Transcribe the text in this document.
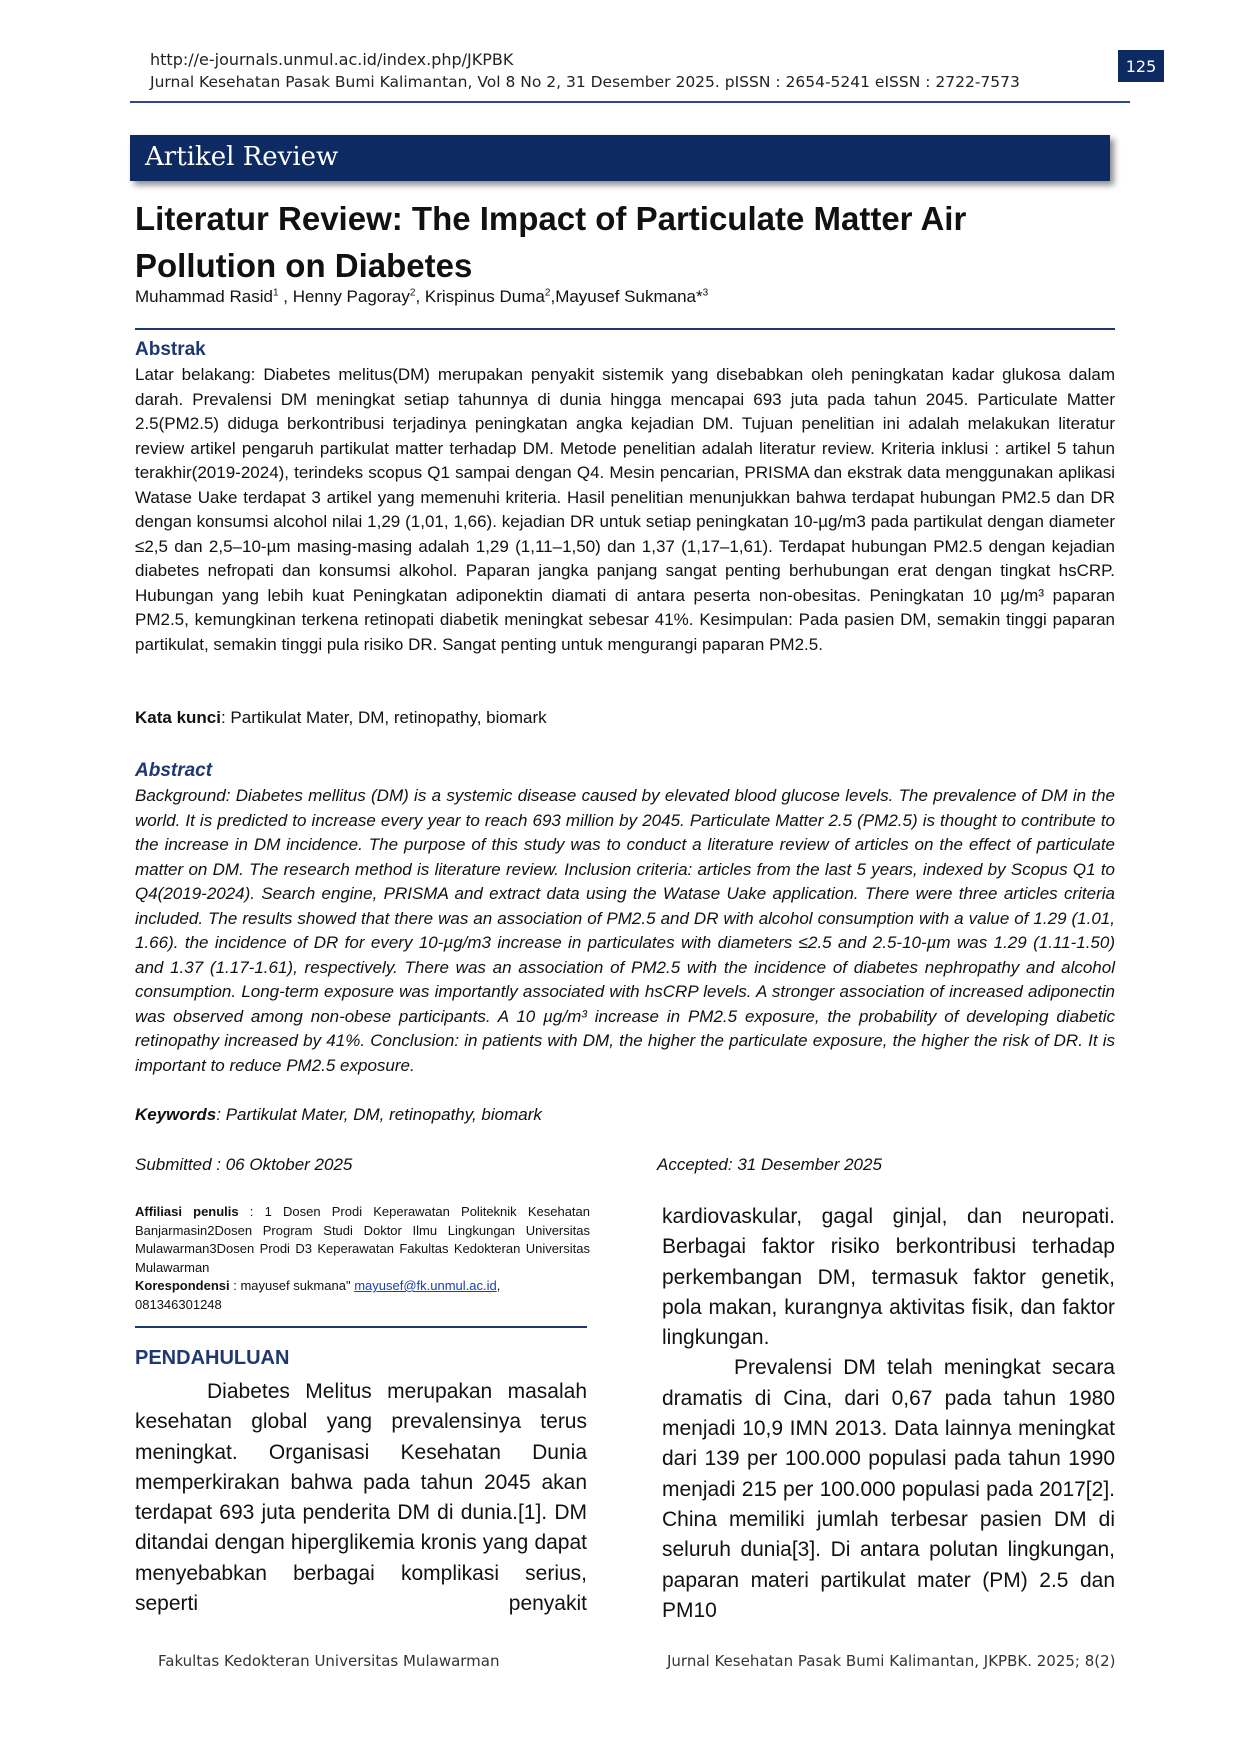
http://e-journals.unmul.ac.id/index.php/JKPBK
Jurnal Kesehatan Pasak Bumi Kalimantan, Vol 8 No 2, 31 Desember 2025. pISSN : 2654-5241 eISSN : 2722-7573
125
Artikel Review
Literatur Review: The Impact of Particulate Matter Air Pollution on Diabetes
Muhammad Rasid$^1$ , Henny Pagoray$^2$, Krispinus Duma$^2$,Mayusef Sukmana*$^3$
Abstrak
Latar belakang: Diabetes melitus(DM) merupakan penyakit sistemik yang disebabkan oleh peningkatan kadar glukosa dalam darah. Prevalensi DM meningkat setiap tahunnya di dunia hingga mencapai 693 juta pada tahun 2045. Particulate Matter 2.5(PM2.5) diduga berkontribusi terjadinya peningkatan angka kejadian DM. Tujuan penelitian ini adalah melakukan literatur review artikel pengaruh partikulat matter terhadap DM. Metode penelitian adalah literatur review. Kriteria inklusi : artikel 5 tahun terakhir(2019-2024), terindeks scopus Q1 sampai dengan Q4. Mesin pencarian, PRISMA dan ekstrak data menggunakan aplikasi Watase Uake terdapat 3 artikel yang memenuhi kriteria. Hasil penelitian menunjukkan bahwa terdapat hubungan PM2.5 dan DR dengan konsumsi alcohol nilai 1,29 (1,01, 1,66). kejadian DR untuk setiap peningkatan 10-µg/m3 pada partikulat dengan diameter ≤2,5 dan 2,5–10-µm masing-masing adalah 1,29 (1,11–1,50) dan 1,37 (1,17–1,61). Terdapat hubungan PM2.5 dengan kejadian diabetes nefropati dan konsumsi alkohol. Paparan jangka panjang sangat penting berhubungan erat dengan tingkat hsCRP. Hubungan yang lebih kuat Peningkatan adiponektin diamati di antara peserta non-obesitas. Peningkatan 10 µg/m³ paparan PM2.5, kemungkinan terkena retinopati diabetik meningkat sebesar 41%. Kesimpulan: Pada pasien DM, semakin tinggi paparan partikulat, semakin tinggi pula risiko DR. Sangat penting untuk mengurangi paparan PM2.5.
Kata kunci: Partikulat Mater, DM, retinopathy, biomark
Abstract
Background: Diabetes mellitus (DM) is a systemic disease caused by elevated blood glucose levels. The prevalence of DM in the world. It is predicted to increase every year to reach 693 million by 2045. Particulate Matter 2.5 (PM2.5) is thought to contribute to the increase in DM incidence. The purpose of this study was to conduct a literature review of articles on the effect of particulate matter on DM. The research method is literature review. Inclusion criteria: articles from the last 5 years, indexed by Scopus Q1 to Q4(2019-2024). Search engine, PRISMA and extract data using the Watase Uake application. There were three articles criteria included. The results showed that there was an association of PM2.5 and DR with alcohol consumption with a value of 1.29 (1.01, 1.66). the incidence of DR for every 10-µg/m3 increase in particulates with diameters ≤2.5 and 2.5-10-µm was 1.29 (1.11-1.50) and 1.37 (1.17-1.61), respectively. There was an association of PM2.5 with the incidence of diabetes nephropathy and alcohol consumption. Long-term exposure was importantly associated with hsCRP levels. A stronger association of increased adiponectin was observed among non-obese participants. A 10 µg/m³ increase in PM2.5 exposure, the probability of developing diabetic retinopathy increased by 41%. Conclusion: in patients with DM, the higher the particulate exposure, the higher the risk of DR. It is important to reduce PM2.5 exposure.
Keywords: Partikulat Mater, DM, retinopathy, biomark
Submitted : 06 Oktober 2025	Accepted: 31 Desember 2025
Affiliasi penulis : 1 Dosen Prodi Keperawatan Politeknik Kesehatan Banjarmasin2Dosen Program Studi Doktor Ilmu Lingkungan Universitas Mulawarman3Dosen Prodi D3 Keperawatan Fakultas Kedokteran Universitas Mulawarman
Korespondensi : mayusef sukmana" mayusef@fk.unmul.ac.id,
081346301248
PENDAHULUAN

Diabetes Melitus merupakan masalah kesehatan global yang prevalensinya terus meningkat. Organisasi Kesehatan Dunia memperkirakan bahwa pada tahun 2045 akan terdapat 693 juta penderita DM di dunia.[1]. DM ditandai dengan hiperglikemia kronis yang dapat menyebabkan berbagai komplikasi serius, seperti penyakit

kardiovaskular, gagal ginjal, dan neuropati. Berbagai faktor risiko berkontribusi terhadap perkembangan DM, termasuk faktor genetik, pola makan, kurangnya aktivitas fisik, dan faktor lingkungan.

Prevalensi DM telah meningkat secara dramatis di Cina, dari 0,67 pada tahun 1980 menjadi 10,9 IMN 2013. Data lainnya meningkat dari 139 per 100.000 populasi pada tahun 1990 menjadi 215 per 100.000 populasi pada 2017[2]. China memiliki jumlah terbesar pasien DM di seluruh dunia[3]. Di antara polutan lingkungan, paparan materi partikulat mater (PM) 2.5 dan PM10

Fakultas Kedokteran Universitas Mulawarman	Jurnal Kesehatan Pasak Bumi Kalimantan, JKPBK. 2025; 8(2)
